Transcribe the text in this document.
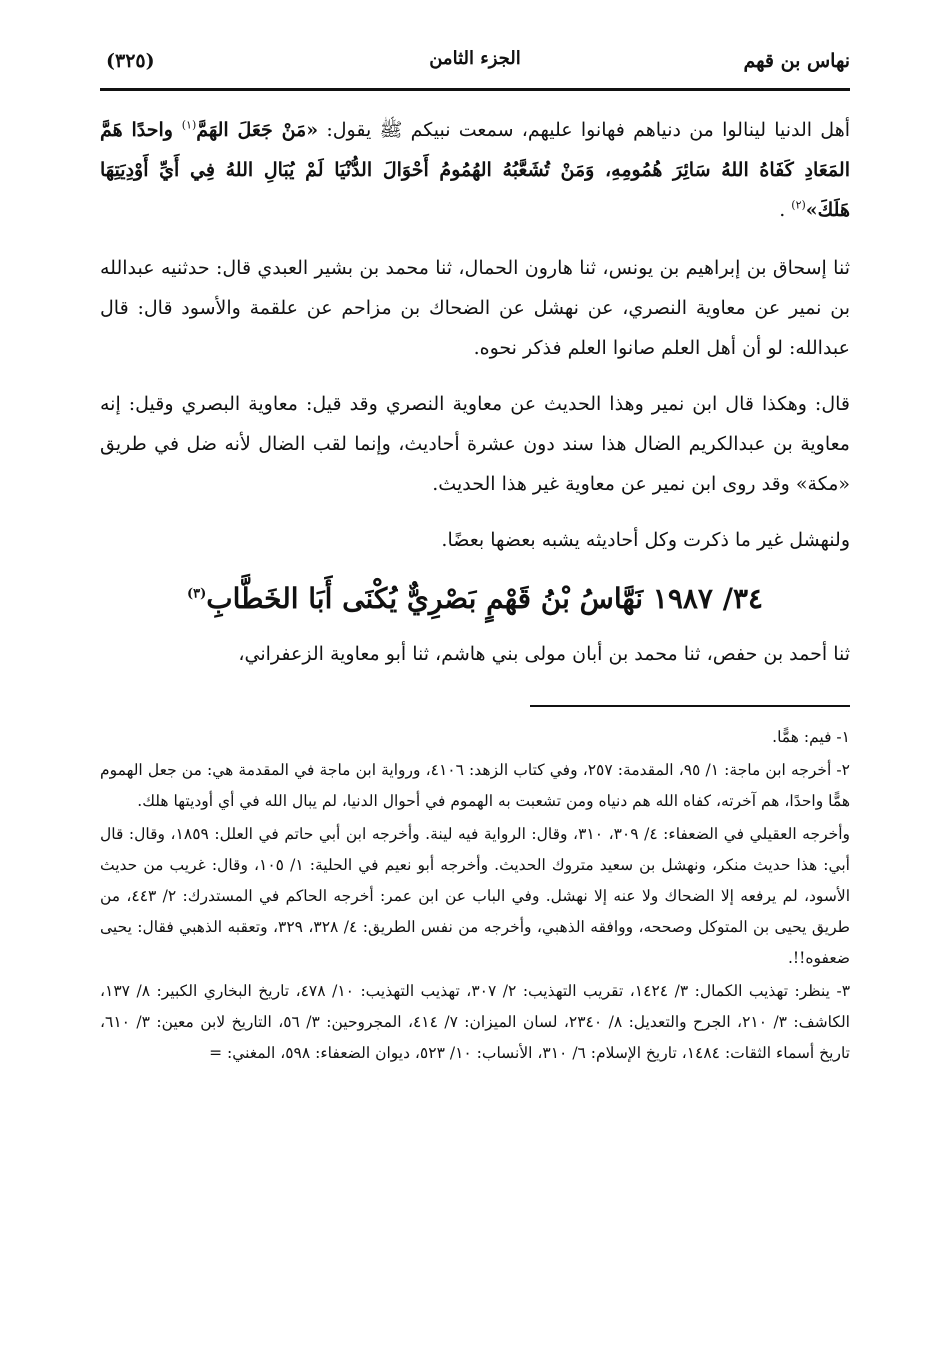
نهاس بن قهم
الجزء الثامن
(٣٢٥)

أهل الدنيا لينالوا من دنياهم فهانوا عليهم، سمعت نبيكم ﷺ يقول: «مَنْ جَعَلَ الهَمَّ$^{(١)}$ واحدًا هَمَّ المَعَادِ كَفَاهُ اللهُ سَائِرَ هُمُومِهِ، وَمَنْ تُشَعَّبُهُ الهُمُومُ أَحْوَالَ الدُّنْيَا لَمْ يُبَالِ اللهُ فِي أَيِّ أَوْدِيَتِهَا هَلَكَ»$^{(٢)}$ .

ثنا إسحاق بن إبراهيم بن يونس، ثنا هارون الحمال، ثنا محمد بن بشير العبدي قال: حدثنيه عبدالله بن نمير عن معاوية النصري، عن نهشل عن الضحاك بن مزاحم عن علقمة والأسود قال: قال عبدالله: لو أن أهل العلم صانوا العلم فذكر نحوه.

قال: وهكذا قال ابن نمير وهذا الحديث عن معاوية النصري وقد قيل: معاوية البصري وقيل: إنه معاوية بن عبدالكريم الضال هذا سند دون عشرة أحاديث، وإنما لقب الضال لأنه ضل في طريق «مكة» وقد روى ابن نمير عن معاوية غير هذا الحديث.

ولنهشل غير ما ذكرت وكل أحاديثه يشبه بعضها بعضًا.

٣٤/ ١٩٨٧ نَهَّاسُ بْنُ قَهْمٍ بَصْرِيٌّ يُكْنَى أَبَا الخَطَّابِ$^{(٣)}$

ثنا أحمد بن حفص، ثنا محمد بن أبان مولى بني هاشم، ثنا أبو معاوية الزعفراني،

١- فيم: همًّا.

٢- أخرجه ابن ماجة: ١/ ٩٥، المقدمة: ٢٥٧، وفي كتاب الزهد: ٤١٠٦، ورواية ابن ماجة في المقدمة هي: من جعل الهموم همًّا واحدًا، هم آخرته، كفاه الله هم دنياه ومن تشعبت به الهموم في أحوال الدنيا، لم يبال الله في أي أوديتها هلك.

وأخرجه العقيلي في الضعفاء: ٤/ ٣٠٩، ٣١٠، وقال: الرواية فيه لينة. وأخرجه ابن أبي حاتم في العلل: ١٨٥٩، وقال: قال أبي: هذا حديث منكر، ونهشل بن سعيد متروك الحديث. وأخرجه أبو نعيم في الحلية: ١/ ١٠٥، وقال: غريب من حديث الأسود، لم يرفعه إلا الضحاك ولا عنه إلا نهشل. وفي الباب عن ابن عمر: أخرجه الحاكم في المستدرك: ٢/ ٤٤٣، من طريق يحيى بن المتوكل وصححه، ووافقه الذهبي، وأخرجه من نفس الطريق: ٤/ ٣٢٨، ٣٢٩، وتعقبه الذهبي فقال: يحيى ضعفوه!!.

٣- ينظر: تهذيب الكمال: ٣/ ١٤٢٤، تقريب التهذيب: ٢/ ٣٠٧، تهذيب التهذيب: ١٠/ ٤٧٨، تاريخ البخاري الكبير: ٨/ ١٣٧، الكاشف: ٣/ ٢١٠، الجرح والتعديل: ٨/ ٢٣٤٠، لسان الميزان: ٧/ ٤١٤، المجروحين: ٣/ ٥٦، التاريخ لابن معين: ٣/ ٦١٠، تاريخ أسماء الثقات: ١٤٨٤، تاريخ الإسلام: ٦/ ٣١٠، الأنساب: ١٠/ ٥٢٣، ديوان الضعفاء: ٥٩٨، المغني: =
